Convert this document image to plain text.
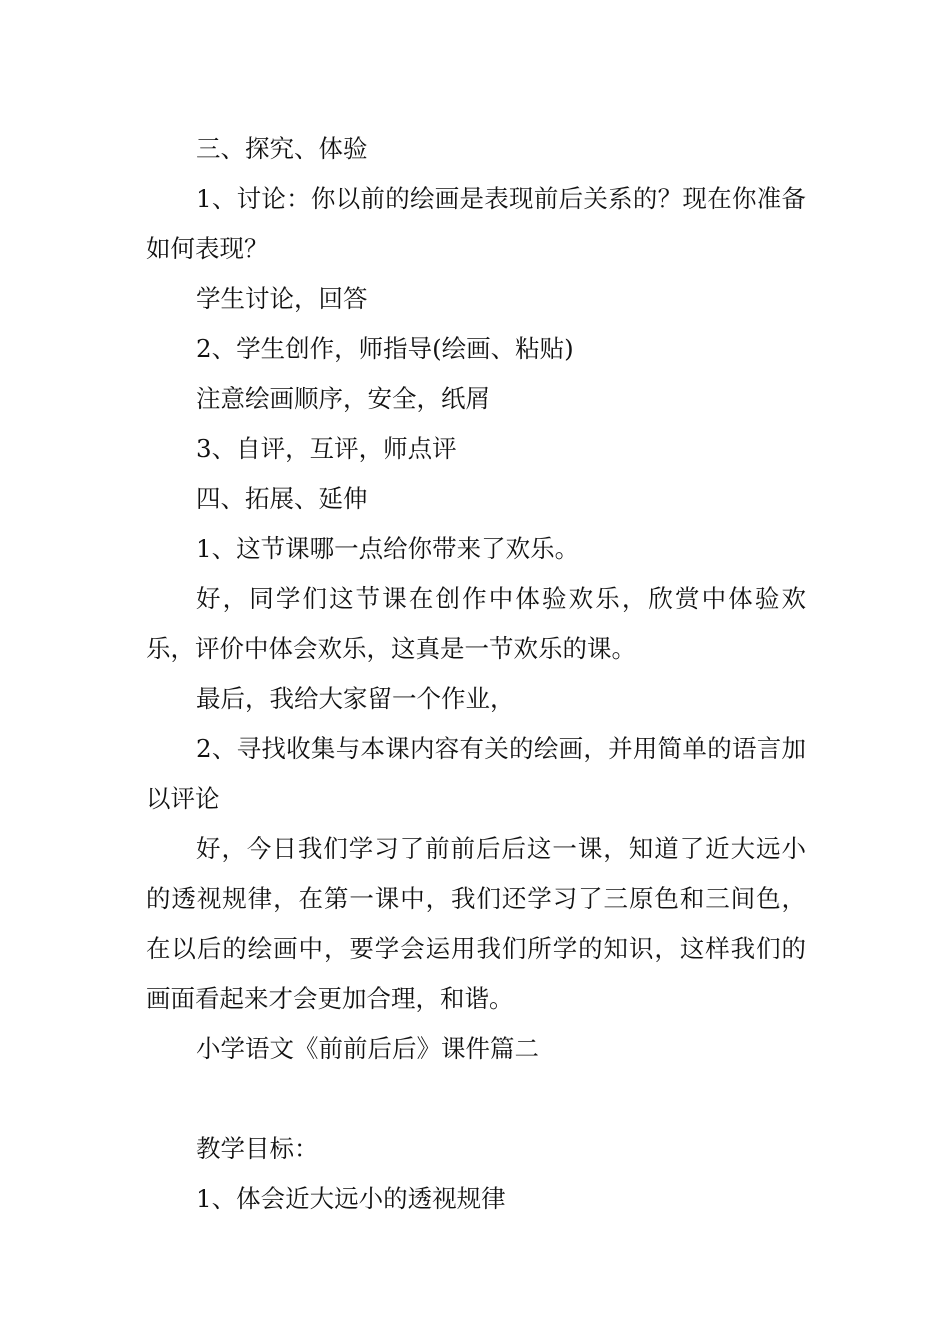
三、探究、体验

1、讨论：你以前的绘画是表现前后关系的？现在你准备如何表现？

学生讨论，回答

2、学生创作，师指导(绘画、粘贴)

注意绘画顺序，安全，纸屑

3、自评，互评，师点评

四、拓展、延伸

1、这节课哪一点给你带来了欢乐。

好，同学们这节课在创作中体验欢乐，欣赏中体验欢乐，评价中体会欢乐，这真是一节欢乐的课。

最后，我给大家留一个作业，

2、寻找收集与本课内容有关的绘画，并用简单的语言加以评论

好，今日我们学习了前前后后这一课，知道了近大远小的透视规律，在第一课中，我们还学习了三原色和三间色，在以后的绘画中，要学会运用我们所学的知识，这样我们的画面看起来才会更加合理，和谐。

小学语文《前前后后》课件篇二

教学目标：

1、体会近大远小的透视规律
